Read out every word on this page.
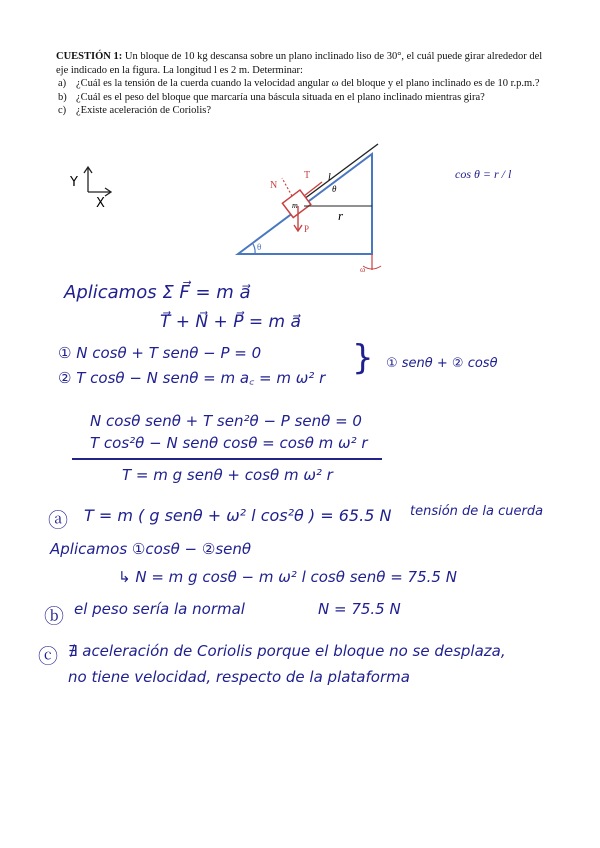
CUESTIÓN 1: Un bloque de 10 kg descansa sobre un plano inclinado liso de 30°, el cuál puede girar alrededor del eje indicado en la figura. La longitud l es 2 m. Determinar:

a) ¿Cuál es la tensión de la cuerda cuando la velocidad angular ω del bloque y el plano inclinado es de 10 r.p.m.?

b) ¿Cuál es el peso del bloque que marcaría una báscula situada en el plano inclinado mientras gira?

c) ¿Existe aceleración de Coriolis?

Y
X
θ
ω
l
θ
m
P
N
T
r
cos θ = r / l
Aplicamos Σ F⃗ = m a⃗
T⃗ + N⃗ + P⃗ = m a⃗
① N cosθ + T senθ − P = 0
② T cosθ − N senθ = m a꜀ = m ω² r } ① senθ + ② cosθ
N cosθ senθ + T sen²θ − P senθ = 0
T cos²θ − N senθ cosθ = cosθ m ω² r
T = m g senθ + cosθ m ω² r
ⓐ T = m ( g senθ + ω² l cos²θ ) = 65.5 N tensión de la cuerda
Aplicamos ①cosθ − ②senθ
↳ N = m g cosθ − m ω² l cosθ senθ = 75.5 N
ⓑ el peso sería la normal	N = 75.5 N
ⓒ ∄ aceleración de Coriolis porque el bloque no se desplaza,
no tiene velocidad, respecto de la plataforma
